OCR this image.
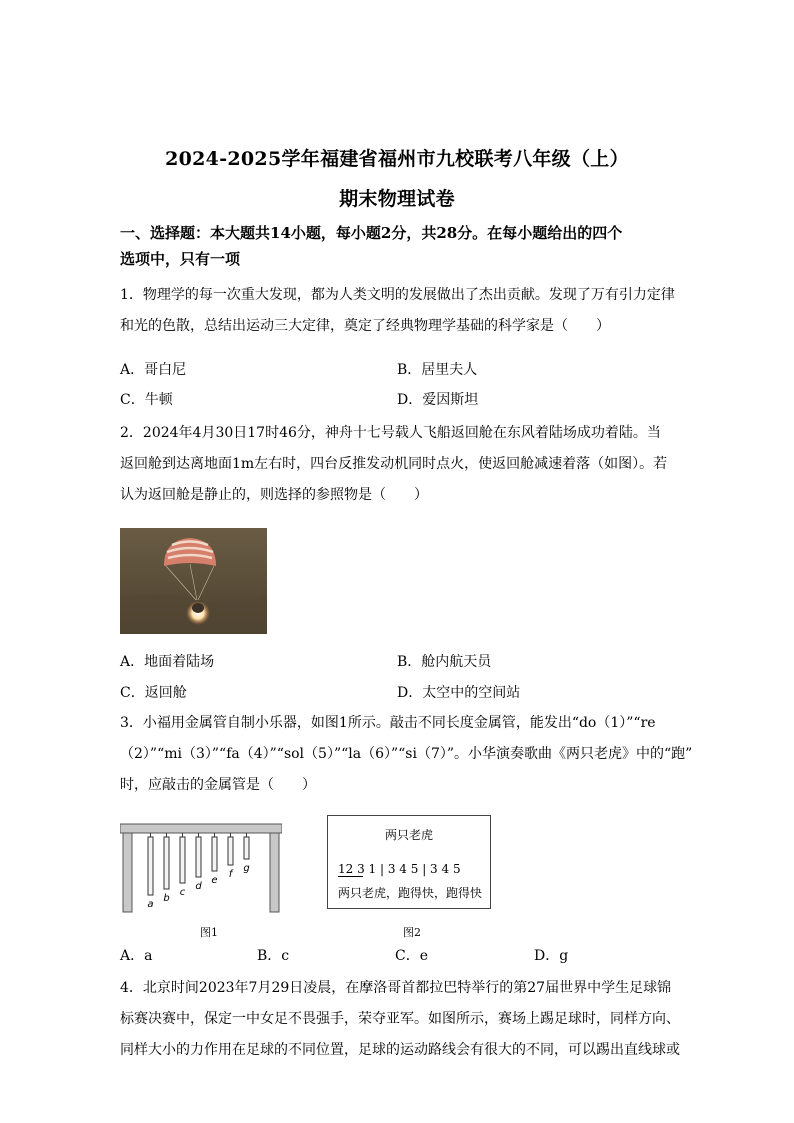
2024-2025学年福建省福州市九校联考八年级（上）
期末物理试卷
一、选择题：本大题共14小题，每小题2分，共28分。在每小题给出的四个
选项中，只有一项
1．物理学的每一次重大发现，都为人类文明的发展做出了杰出贡献。发现了万有引力定律
和光的色散，总结出运动三大定律，奠定了经典物理学基础的科学家是（　　）
A．哥白尼	B．居里夫人
C．牛顿	D．爱因斯坦
2．2024年4月30日17时46分，神舟十七号载人飞船返回舱在东风着陆场成功着陆。当
返回舱到达离地面1m左右时，四台反推发动机同时点火，使返回舱减速着落（如图）。若
认为返回舱是静止的，则选择的参照物是（　　）
A．地面着陆场	B．舱内航天员
C．返回舱	D．太空中的空间站
3．小福用金属管自制小乐器，如图1所示。敲击不同长度金属管，能发出“do（1）”“re
（2）”“mi（3）”“fa（4）”“sol（5）”“la（6）”“si（7）”。小华演奏歌曲《两只老虎》中的“跑”
时，应敲击的金属管是（　　）
a
b
c
d
e
f
g
图1
两只老虎
12 3 1 | 3 4 5 | 3 4 5
两只老虎，跑得快，跑得快
图2
A．a	B．c	C．e	D．g
4．北京时间2023年7月29日凌晨，在摩洛哥首都拉巴特举行的第27届世界中学生足球锦
标赛决赛中，保定一中女足不畏强手，荣夺亚军。如图所示，赛场上踢足球时，同样方向、
同样大小的力作用在足球的不同位置，足球的运动路线会有很大的不同，可以踢出直线球或
